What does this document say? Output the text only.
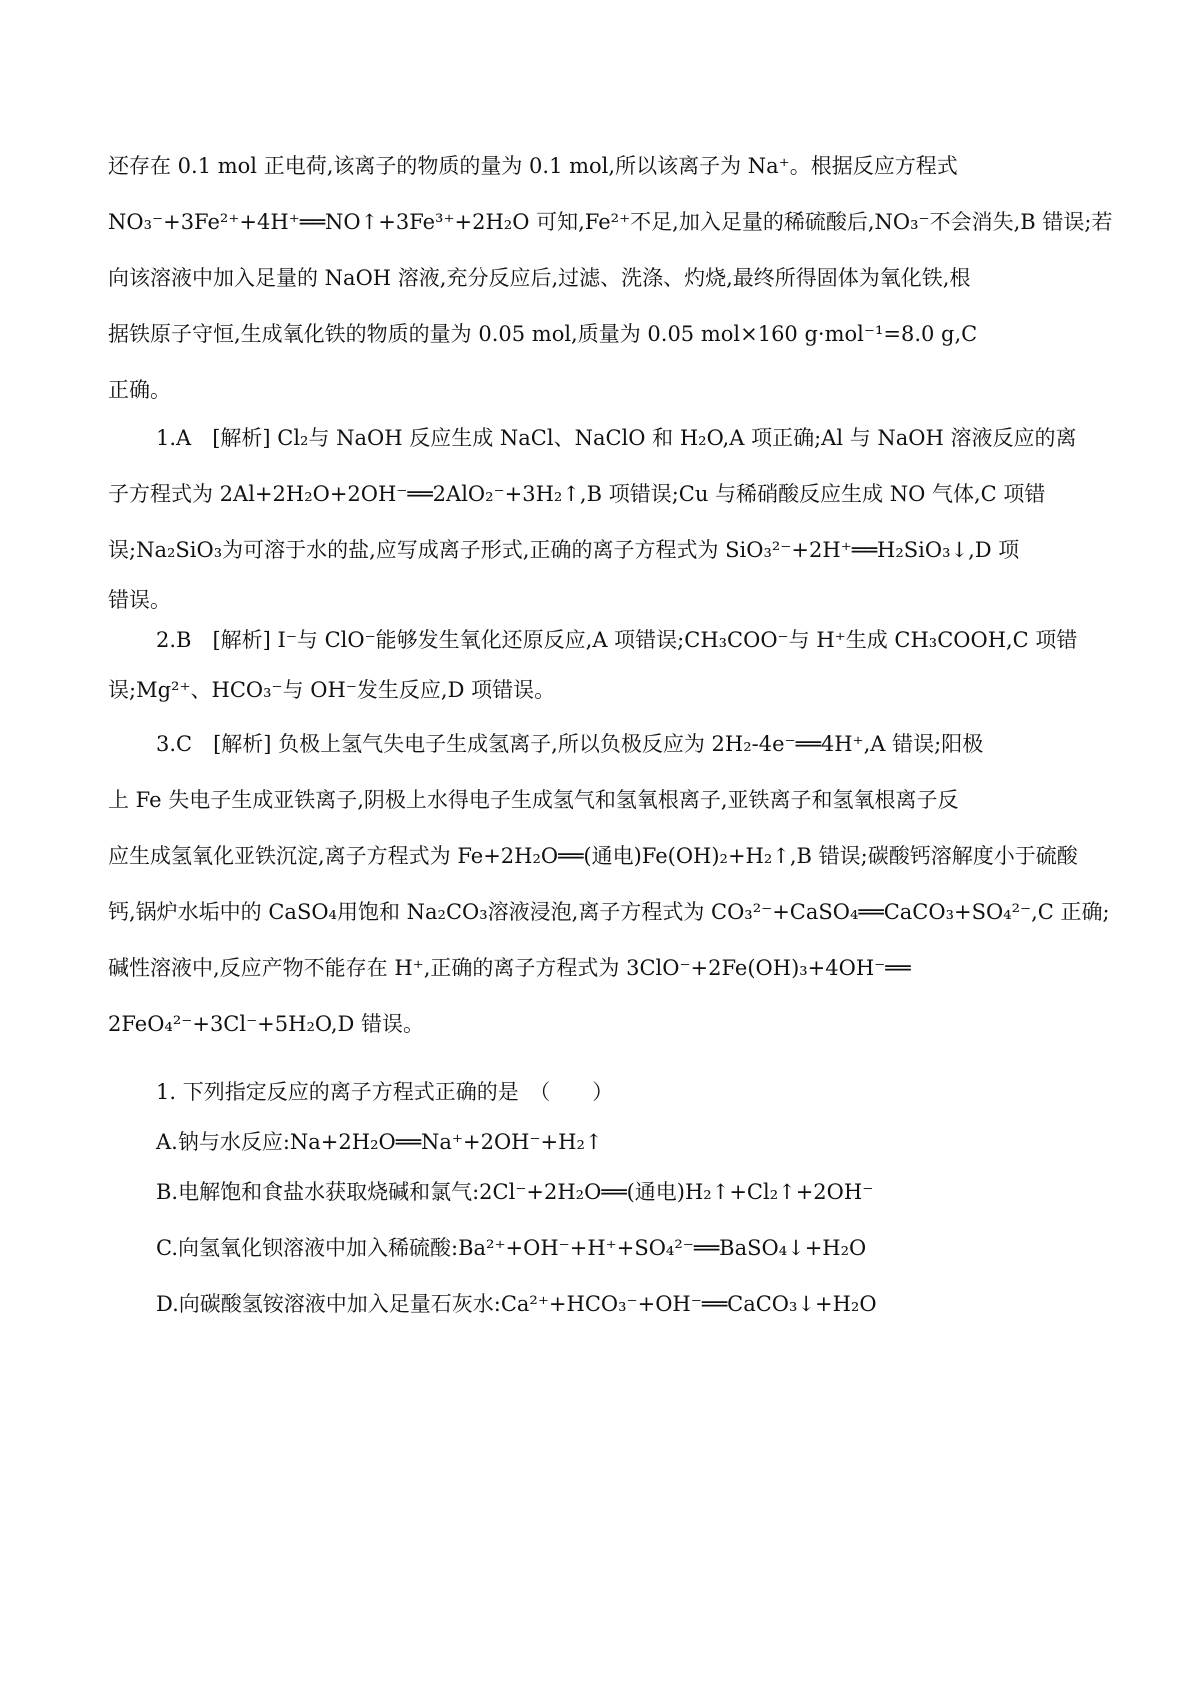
还存在 0.1 mol 正电荷,该离子的物质的量为 0.1 mol,所以该离子为 Na⁺。根据反应方程式
NO₃⁻+3Fe²⁺+4H⁺══NO↑+3Fe³⁺+2H₂O 可知,Fe²⁺不足,加入足量的稀硫酸后,NO₃⁻不会消失,B 错误;若
向该溶液中加入足量的 NaOH 溶液,充分反应后,过滤、洗涤、灼烧,最终所得固体为氧化铁,根
据铁原子守恒,生成氧化铁的物质的量为 0.05 mol,质量为 0.05 mol×160 g·mol⁻¹=8.0 g,C
正确。
1.A　[解析] Cl₂与 NaOH 反应生成 NaCl、NaClO 和 H₂O,A 项正确;Al 与 NaOH 溶液反应的离
子方程式为 2Al+2H₂O+2OH⁻══2AlO₂⁻+3H₂↑,B 项错误;Cu 与稀硝酸反应生成 NO 气体,C 项错
误;Na₂SiO₃为可溶于水的盐,应写成离子形式,正确的离子方程式为 SiO₃²⁻+2H⁺══H₂SiO₃↓,D 项
错误。
2.B　[解析] I⁻与 ClO⁻能够发生氧化还原反应,A 项错误;CH₃COO⁻与 H⁺生成 CH₃COOH,C 项错
误;Mg²⁺、HCO₃⁻与 OH⁻发生反应,D 项错误。
3.C　[解析] 负极上氢气失电子生成氢离子,所以负极反应为 2H₂-4e⁻══4H⁺,A 错误;阳极
上 Fe 失电子生成亚铁离子,阴极上水得电子生成氢气和氢氧根离子,亚铁离子和氢氧根离子反
应生成氢氧化亚铁沉淀,离子方程式为 Fe+2H₂O══(通电)Fe(OH)₂+H₂↑,B 错误;碳酸钙溶解度小于硫酸
钙,锅炉水垢中的 CaSO₄用饱和 Na₂CO₃溶液浸泡,离子方程式为 CO₃²⁻+CaSO₄══CaCO₃+SO₄²⁻,C 正确;
碱性溶液中,反应产物不能存在 H⁺,正确的离子方程式为 3ClO⁻+2Fe(OH)₃+4OH⁻══
2FeO₄²⁻+3Cl⁻+5H₂O,D 错误。
1. 下列指定反应的离子方程式正确的是　（　　）
A.钠与水反应:Na+2H₂O══Na⁺+2OH⁻+H₂↑
B.电解饱和食盐水获取烧碱和氯气:2Cl⁻+2H₂O══(通电)H₂↑+Cl₂↑+2OH⁻
C.向氢氧化钡溶液中加入稀硫酸:Ba²⁺+OH⁻+H⁺+SO₄²⁻══BaSO₄↓+H₂O
D.向碳酸氢铵溶液中加入足量石灰水:Ca²⁺+HCO₃⁻+OH⁻══CaCO₃↓+H₂O
